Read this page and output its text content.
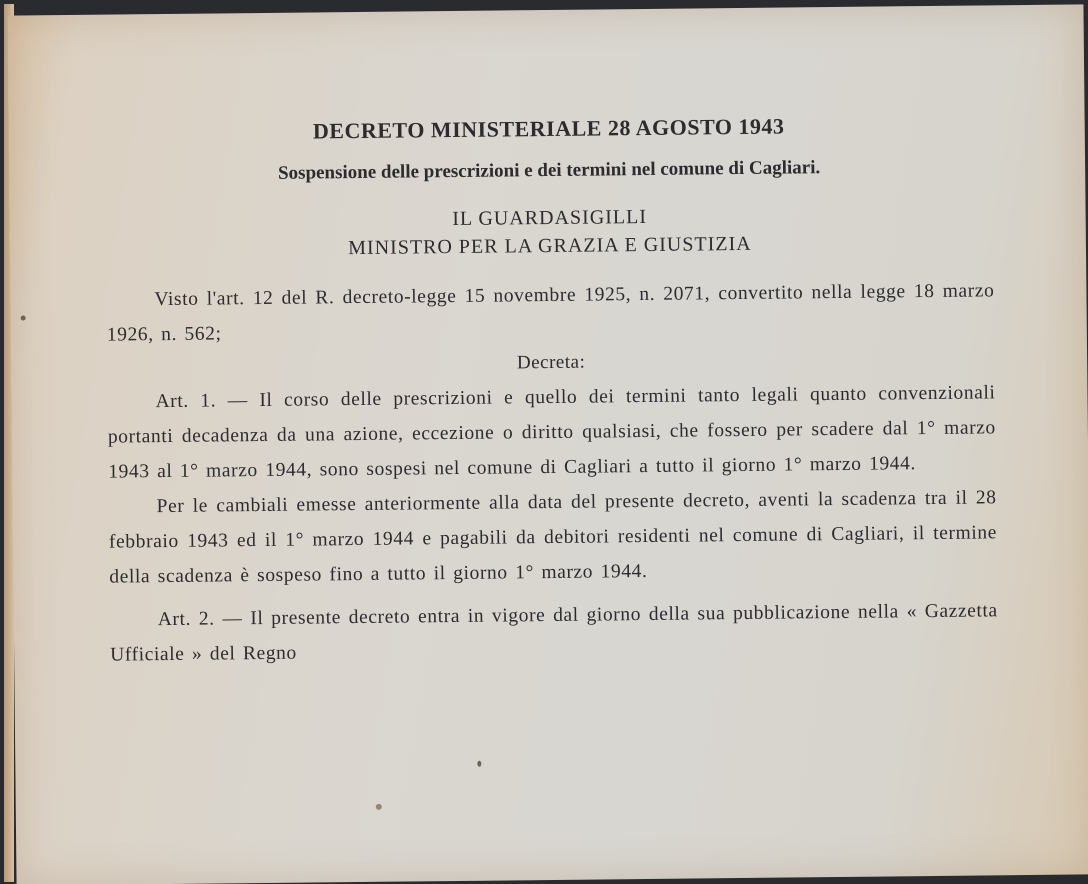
DECRETO MINISTERIALE 28 AGOSTO 1943
Sospensione delle prescrizioni e dei termini nel comune di Cagliari.
IL GUARDASIGILLI
MINISTRO PER LA GRAZIA E GIUSTIZIA

Visto l'art. 12 del R. decreto-legge 15 novembre 1925, n. 2071, convertito nella legge 18 marzo 1926, n. 562;

Decreta:

Art. 1. — Il corso delle prescrizioni e quello dei termini tanto legali quanto convenzionali portanti decadenza da una azione, eccezione o diritto qualsiasi, che fossero per scadere dal 1° marzo 1943 al 1° marzo 1944, sono sospesi nel comune di Cagliari a tutto il giorno 1° marzo 1944.

Per le cambiali emesse anteriormente alla data del presente decreto, aventi la scadenza tra il 28 febbraio 1943 ed il 1° marzo 1944 e pagabili da debitori residenti nel comune di Cagliari, il termine della scadenza è sospeso fino a tutto il giorno 1° marzo 1944.

Art. 2. — Il presente decreto entra in vigore dal giorno della sua pubblicazione nella « Gazzetta Ufficiale » del Regno
